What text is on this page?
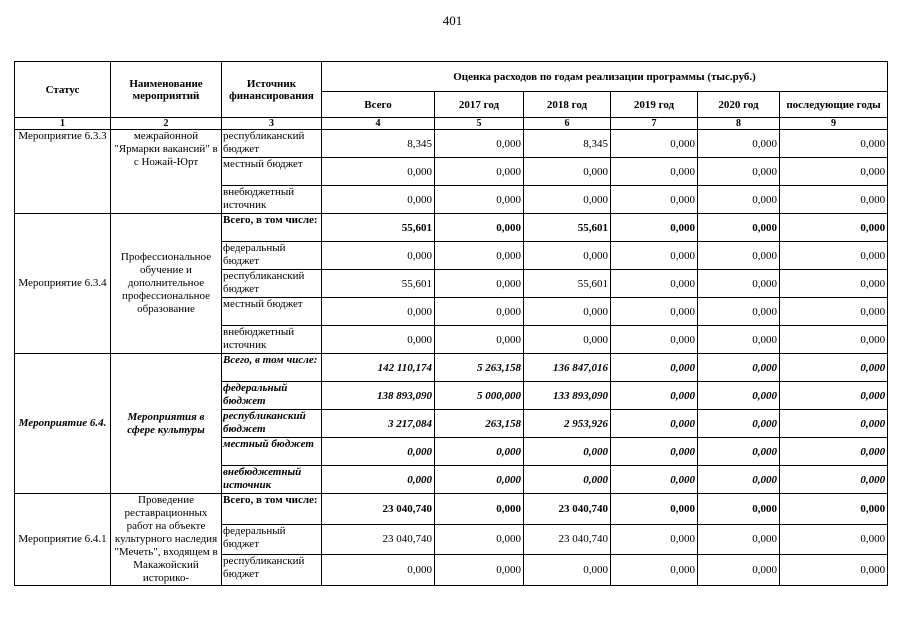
401
Статус	Наименование мероприятий	Источник финансирования	Оценка расходов по годам реализации программы (тыс.руб.)					
			Всего	2017 год	2018 год	2019 год	2020 год	последующие годы
1	2	3	4	5	6	7	8	9
Мероприятие 6.3.3	межрайонной "Ярмарки вакансий" в с Ножай-Юрт	республиканский бюджет	8,345	0,000	8,345	0,000	0,000	0,000
		местный бюджет	0,000	0,000	0,000	0,000	0,000	0,000
		внебюджетный источник	0,000	0,000	0,000	0,000	0,000	0,000
Мероприятие 6.3.4	Профессиональное обучение и дополнительное профессиональное образование	Всего, в том числе:	55,601	0,000	55,601	0,000	0,000	0,000
		федеральный бюджет	0,000	0,000	0,000	0,000	0,000	0,000
		республиканский бюджет	55,601	0,000	55,601	0,000	0,000	0,000
		местный бюджет	0,000	0,000	0,000	0,000	0,000	0,000
		внебюджетный источник	0,000	0,000	0,000	0,000	0,000	0,000
Мероприятие 6.4.	Мероприятия в сфере культуры	Всего, в том числе:	142 110,174	5 263,158	136 847,016	0,000	0,000	0,000
		федеральный бюджет	138 893,090	5 000,000	133 893,090	0,000	0,000	0,000
		республиканский бюджет	3 217,084	263,158	2 953,926	0,000	0,000	0,000
		местный бюджет	0,000	0,000	0,000	0,000	0,000	0,000
		внебюджетный источник	0,000	0,000	0,000	0,000	0,000	0,000
Мероприятие 6.4.1	Проведение реставрационных работ на объекте культурного наследия "Мечеть", входящем в Макажойский историко-	Всего, в том числе:	23 040,740	0,000	23 040,740	0,000	0,000	0,000
		федеральный бюджет	23 040,740	0,000	23 040,740	0,000	0,000	0,000
		республиканский бюджет	0,000	0,000	0,000	0,000	0,000	0,000
